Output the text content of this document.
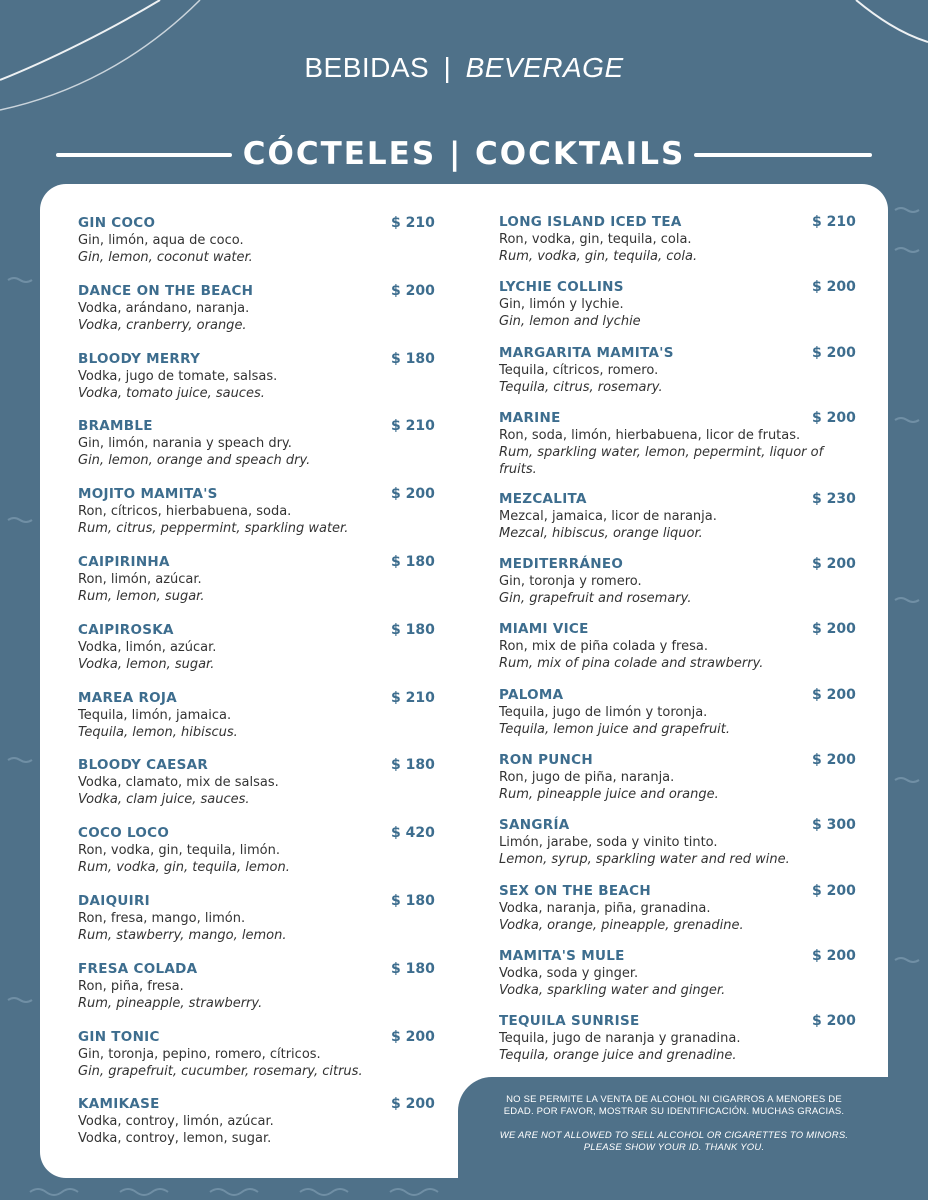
BEBIDAS | BEVERAGE
CÓCTELES | COCKTAILS
GIN COCO	$ 210
Gin, limón, aqua de coco.
Gin, lemon, coconut water.
DANCE ON THE BEACH	$ 200
Vodka, arándano, naranja.
Vodka, cranberry, orange.
BLOODY MERRY	$ 180
Vodka, jugo de tomate, salsas.
Vodka, tomato juice, sauces.
BRAMBLE	$ 210
Gin, limón, narania y speach dry.
Gin, lemon, orange and speach dry.
MOJITO MAMITA'S	$ 200
Ron, cítricos, hierbabuena, soda.
Rum, citrus, peppermint, sparkling water.
CAIPIRINHA	$ 180
Ron, limón, azúcar.
Rum, lemon, sugar.
CAIPIROSKA	$ 180
Vodka, limón, azúcar.
Vodka, lemon, sugar.
MAREA ROJA	$ 210
Tequila, limón, jamaica.
Tequila, lemon, hibiscus.
BLOODY CAESAR	$ 180
Vodka, clamato, mix de salsas.
Vodka, clam juice, sauces.
COCO LOCO	$ 420
Ron, vodka, gin, tequila, limón.
Rum, vodka, gin, tequila, lemon.
DAIQUIRI	$ 180
Ron, fresa, mango, limón.
Rum, stawberry, mango, lemon.
FRESA COLADA	$ 180
Ron, piña, fresa.
Rum, pineapple, strawberry.
GIN TONIC	$ 200
Gin, toronja, pepino, romero, cítricos.
Gin, grapefruit, cucumber, rosemary, citrus.
KAMIKASE	$ 200
Vodka, controy, limón, azúcar.
Vodka, controy, lemon, sugar.
LONG ISLAND ICED TEA	$ 210
Ron, vodka, gin, tequila, cola.
Rum, vodka, gin, tequila, cola.
LYCHIE COLLINS	$ 200
Gin, limón y lychie.
Gin, lemon and lychie
MARGARITA MAMITA'S	$ 200
Tequila, cítricos, romero.
Tequila, citrus, rosemary.
MARINE	$ 200
Ron, soda, limón, hierbabuena, licor de frutas.
Rum, sparkling water, lemon, pepermint, liquor of fruits.
MEZCALITA	$ 230
Mezcal, jamaica, licor de naranja.
Mezcal, hibiscus, orange liquor.
MEDITERRÁNEO	$ 200
Gin, toronja y romero.
Gin, grapefruit and rosemary.
MIAMI VICE	$ 200
Ron, mix de piña colada y fresa.
Rum, mix of pina colade and strawberry.
PALOMA	$ 200
Tequila, jugo de limón y toronja.
Tequila, lemon juice and grapefruit.
RON PUNCH	$ 200
Ron, jugo de piña, naranja.
Rum, pineapple juice and orange.
SANGRÍA	$ 300
Limón, jarabe, soda y vinito tinto.
Lemon, syrup, sparkling water and red wine.
SEX ON THE BEACH	$ 200
Vodka, naranja, piña, granadina.
Vodka, orange, pineapple, grenadine.
MAMITA'S MULE	$ 200
Vodka, soda y ginger.
Vodka, sparkling water and ginger.
TEQUILA SUNRISE	$ 200
Tequila, jugo de naranja y granadina.
Tequila, orange juice and grenadine.
NO SE PERMITE LA VENTA DE ALCOHOL NI CIGARROS A MENORES DE EDAD. POR FAVOR, MOSTRAR SU IDENTIFICACIÓN. MUCHAS GRACIAS.
WE ARE NOT ALLOWED TO SELL ALCOHOL OR CIGARETTES TO MINORS. PLEASE SHOW YOUR ID. THANK YOU.
